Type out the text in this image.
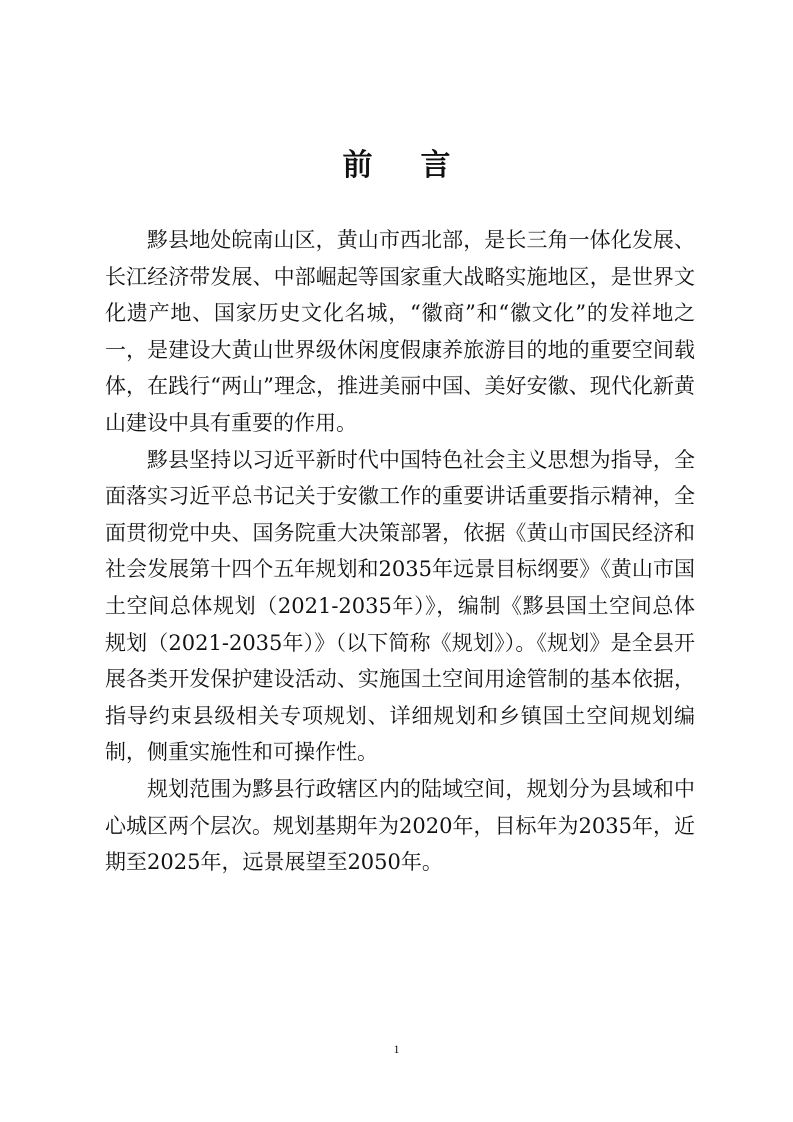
前 言

黟县地处皖南山区，黄山市西北部，是长三角一体化发展、长江经济带发展、中部崛起等国家重大战略实施地区，是世界文化遗产地、国家历史文化名城，“徽商”和“徽文化”的发祥地之一，是建设大黄山世界级休闲度假康养旅游目的地的重要空间载体，在践行“两山”理念，推进美丽中国、美好安徽、现代化新黄山建设中具有重要的作用。

黟县坚持以习近平新时代中国特色社会主义思想为指导，全面落实习近平总书记关于安徽工作的重要讲话重要指示精神，全面贯彻党中央、国务院重大决策部署，依据《黄山市国民经济和社会发展第十四个五年规划和2035年远景目标纲要》《黄山市国土空间总体规划（2021-2035年）》，编制《黟县国土空间总体规划（2021-2035年）》（以下简称《规划》）。《规划》是全县开展各类开发保护建设活动、实施国土空间用途管制的基本依据，指导约束县级相关专项规划、详细规划和乡镇国土空间规划编制，侧重实施性和可操作性。

规划范围为黟县行政辖区内的陆域空间，规划分为县域和中心城区两个层次。规划基期年为2020年，目标年为2035年，近期至2025年，远景展望至2050年。

1
